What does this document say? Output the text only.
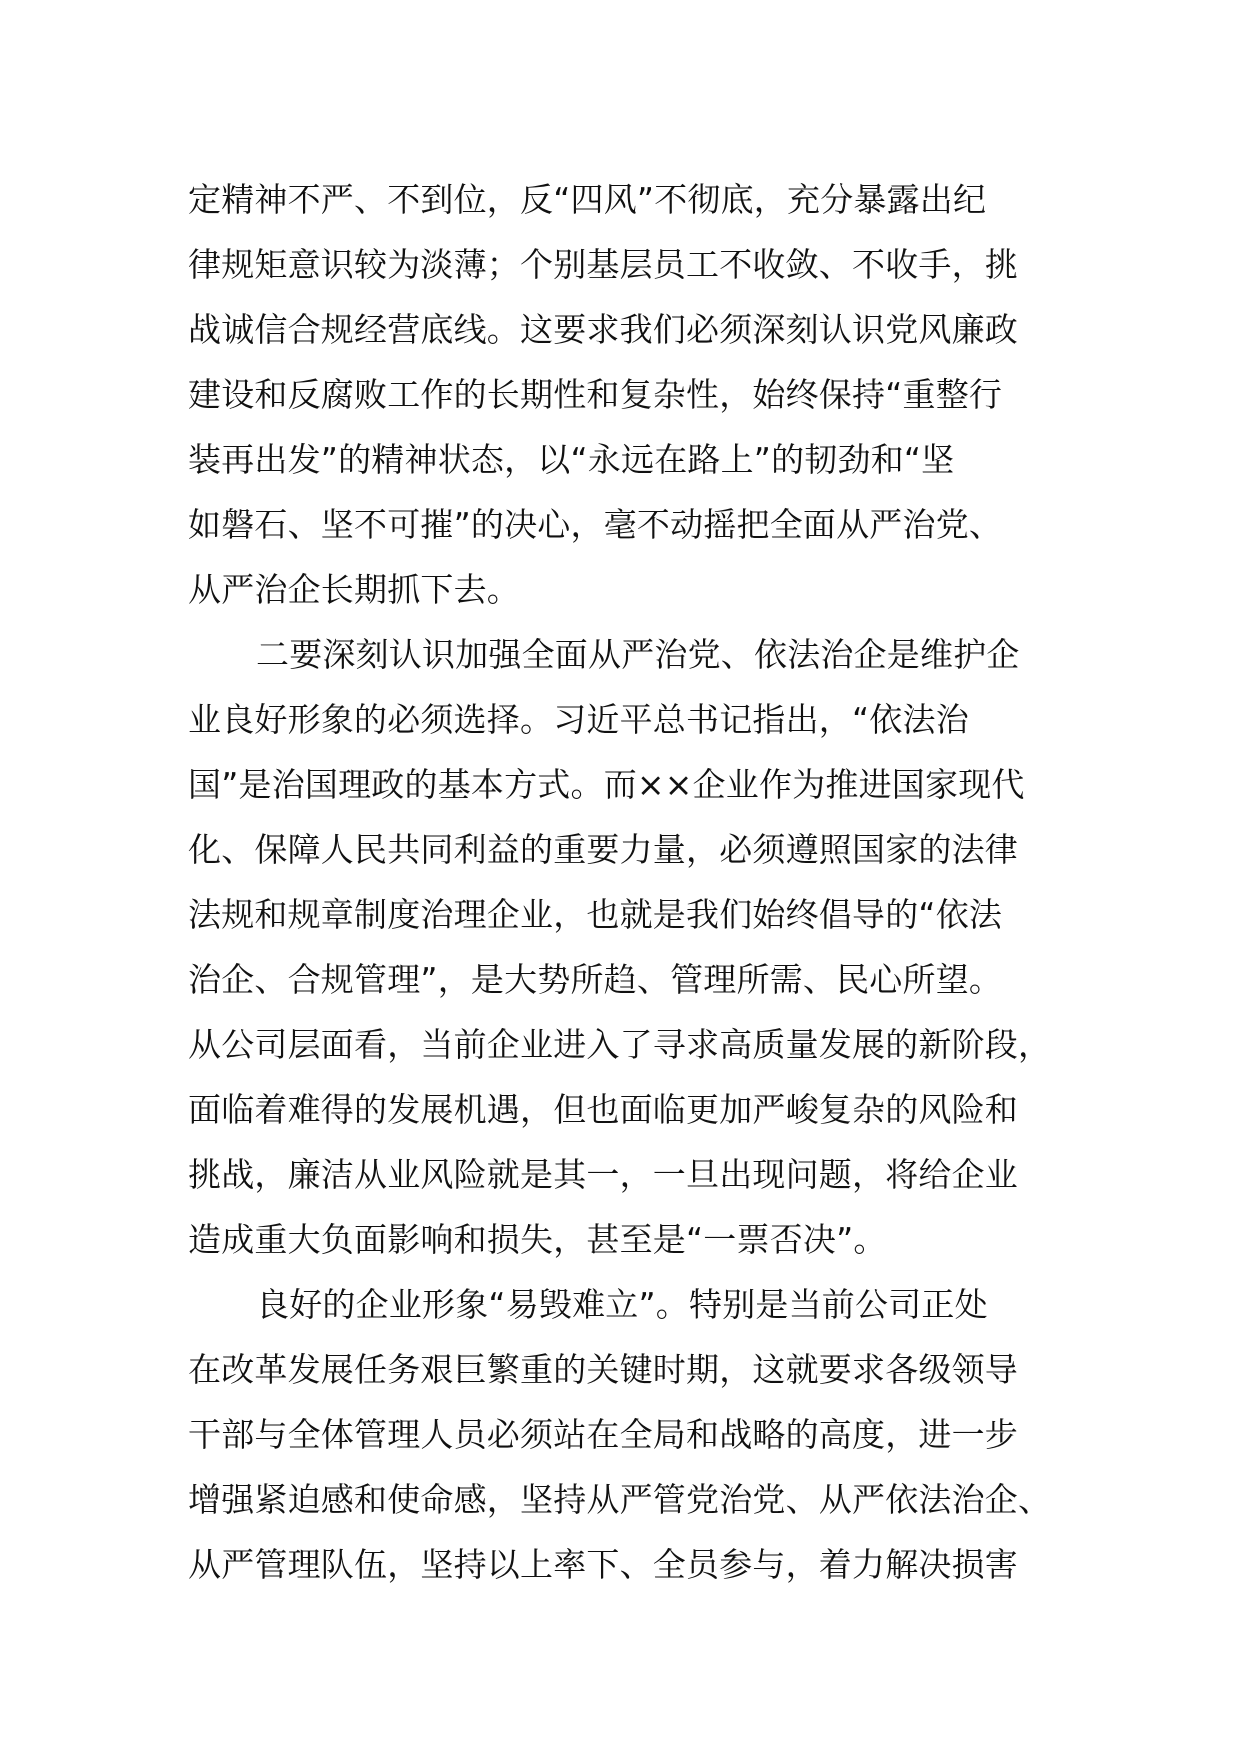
定精神不严、不到位，反“四风”不彻底，充分暴露出纪
律规矩意识较为淡薄；个别基层员工不收敛、不收手，挑
战诚信合规经营底线。这要求我们必须深刻认识党风廉政
建设和反腐败工作的长期性和复杂性，始终保持“重整行
装再出发”的精神状态，以“永远在路上”的韧劲和“坚
如磐石、坚不可摧”的决心，毫不动摇把全面从严治党、
从严治企长期抓下去。
二要深刻认识加强全面从严治党、依法治企是维护企
业良好形象的必须选择。习近平总书记指出，“依法治
国”是治国理政的基本方式。而××企业作为推进国家现代
化、保障人民共同利益的重要力量，必须遵照国家的法律
法规和规章制度治理企业，也就是我们始终倡导的“依法
治企、合规管理”，是大势所趋、管理所需、民心所望。
从公司层面看，当前企业进入了寻求高质量发展的新阶段，
面临着难得的发展机遇，但也面临更加严峻复杂的风险和
挑战，廉洁从业风险就是其一，一旦出现问题，将给企业
造成重大负面影响和损失，甚至是“一票否决”。
良好的企业形象“易毁难立”。特别是当前公司正处
在改革发展任务艰巨繁重的关键时期，这就要求各级领导
干部与全体管理人员必须站在全局和战略的高度，进一步
增强紧迫感和使命感，坚持从严管党治党、从严依法治企、
从严管理队伍，坚持以上率下、全员参与，着力解决损害
